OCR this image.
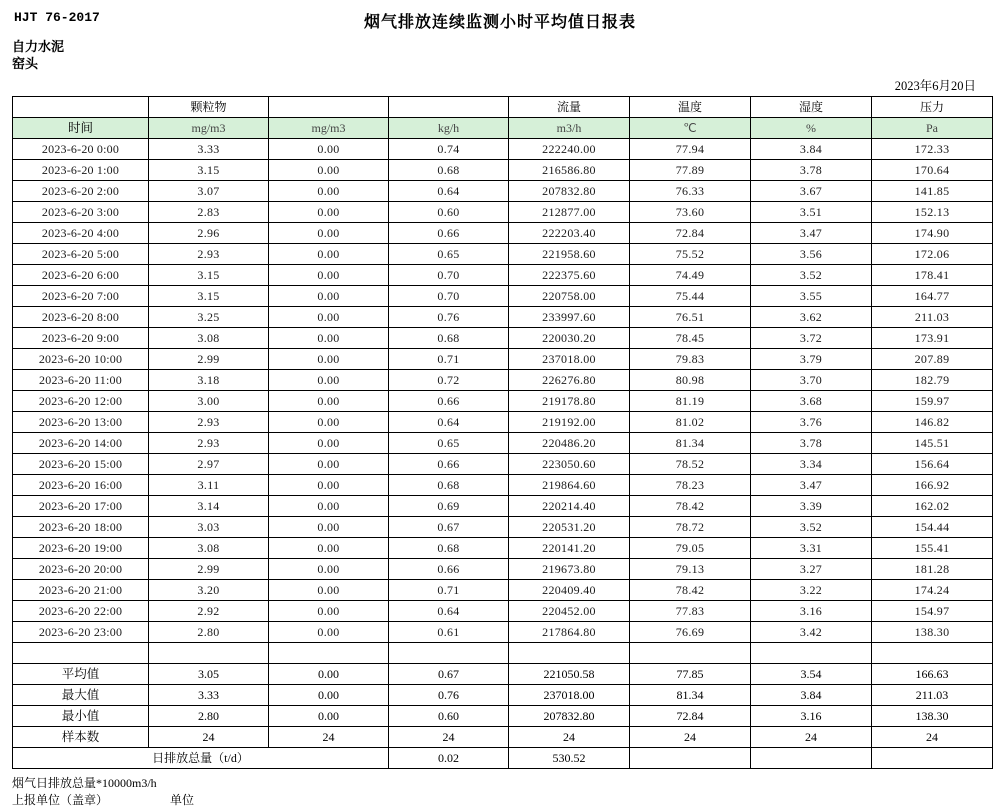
HJT 76-2017	烟气排放连续监测小时平均值日报表
自力水泥
窑头
2023年6月20日
	颗粒物			流量	温度	湿度	压力
时间	mg/m3	mg/m3	kg/h	m3/h	℃	%	Pa
2023-6-20 0:00	3.33	0.00	0.74	222240.00	77.94	3.84	172.33
2023-6-20 1:00	3.15	0.00	0.68	216586.80	77.89	3.78	170.64
2023-6-20 2:00	3.07	0.00	0.64	207832.80	76.33	3.67	141.85
2023-6-20 3:00	2.83	0.00	0.60	212877.00	73.60	3.51	152.13
2023-6-20 4:00	2.96	0.00	0.66	222203.40	72.84	3.47	174.90
2023-6-20 5:00	2.93	0.00	0.65	221958.60	75.52	3.56	172.06
2023-6-20 6:00	3.15	0.00	0.70	222375.60	74.49	3.52	178.41
2023-6-20 7:00	3.15	0.00	0.70	220758.00	75.44	3.55	164.77
2023-6-20 8:00	3.25	0.00	0.76	233997.60	76.51	3.62	211.03
2023-6-20 9:00	3.08	0.00	0.68	220030.20	78.45	3.72	173.91
2023-6-20 10:00	2.99	0.00	0.71	237018.00	79.83	3.79	207.89
2023-6-20 11:00	3.18	0.00	0.72	226276.80	80.98	3.70	182.79
2023-6-20 12:00	3.00	0.00	0.66	219178.80	81.19	3.68	159.97
2023-6-20 13:00	2.93	0.00	0.64	219192.00	81.02	3.76	146.82
2023-6-20 14:00	2.93	0.00	0.65	220486.20	81.34	3.78	145.51
2023-6-20 15:00	2.97	0.00	0.66	223050.60	78.52	3.34	156.64
2023-6-20 16:00	3.11	0.00	0.68	219864.60	78.23	3.47	166.92
2023-6-20 17:00	3.14	0.00	0.69	220214.40	78.42	3.39	162.02
2023-6-20 18:00	3.03	0.00	0.67	220531.20	78.72	3.52	154.44
2023-6-20 19:00	3.08	0.00	0.68	220141.20	79.05	3.31	155.41
2023-6-20 20:00	2.99	0.00	0.66	219673.80	79.13	3.27	181.28
2023-6-20 21:00	3.20	0.00	0.71	220409.40	78.42	3.22	174.24
2023-6-20 22:00	2.92	0.00	0.64	220452.00	77.83	3.16	154.97
2023-6-20 23:00	2.80	0.00	0.61	217864.80	76.69	3.42	138.30

平均值	3.05	0.00	0.67	221050.58	77.85	3.54	166.63
最大值	3.33	0.00	0.76	237018.00	81.34	3.84	211.03
最小值	2.80	0.00	0.60	207832.80	72.84	3.16	138.30
样本数	24	24	24	24	24	24	24
日排放总量（t/d）			0.02	530.52			
烟气日排放总量*10000m3/h
上报单位（盖章）	单位
